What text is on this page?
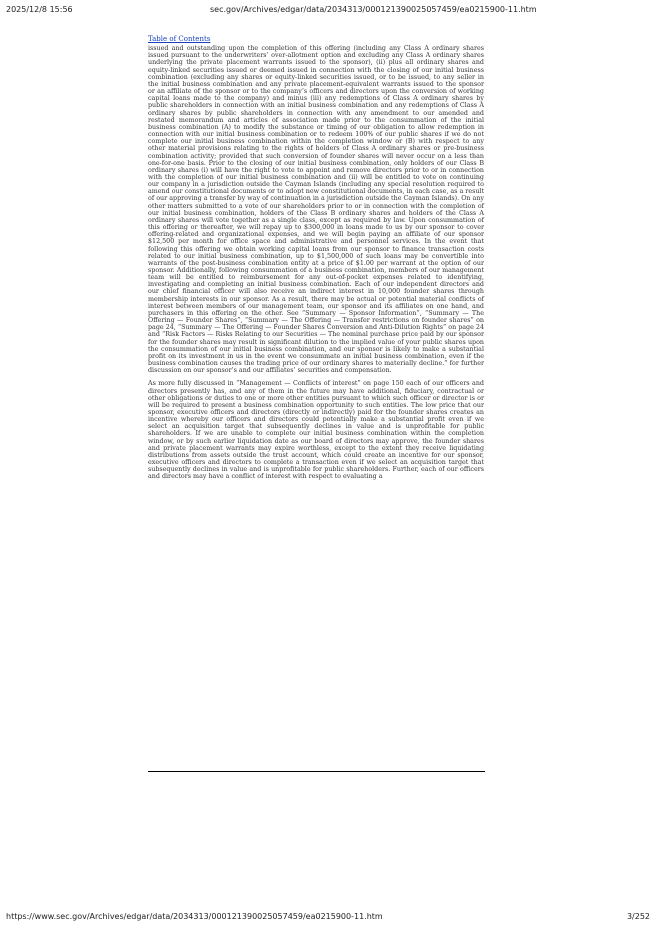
2025/12/8 15:56	sec.gov/Archives/edgar/data/2034313/000121390025057459/ea0215900-11.htm
Table of Contents

issued and outstanding upon the completion of this offering (including any Class A ordinary shares issued pursuant to the underwriters’ over-allotment option and excluding any Class A ordinary shares underlying the private placement warrants issued to the sponsor), (ii) plus all ordinary shares and equity-linked securities issued or deemed issued in connection with the closing of our initial business combination (excluding any shares or equity-linked securities issued, or to be issued, to any seller in the initial business combination and any private placement-equivalent warrants issued to the sponsor or an affiliate of the sponsor or to the company’s officers and directors upon the conversion of working capital loans made to the company) and minus (iii) any redemptions of Class A ordinary shares by public shareholders in connection with an initial business combination and any redemptions of Class A ordinary shares by public shareholders in connection with any amendment to our amended and restated memorandum and articles of association made prior to the consummation of the initial business combination (A) to modify the substance or timing of our obligation to allow redemption in connection with our initial business combination or to redeem 100% of our public shares if we do not complete our initial business combination within the completion window or (B) with respect to any other material provisions relating to the rights of holders of Class A ordinary shares or pre-business combination activity; provided that such conversion of founder shares will never occur on a less than one-for-one basis. Prior to the closing of our initial business combination, only holders of our Class B ordinary shares (i) will have the right to vote to appoint and remove directors prior to or in connection with the completion of our initial business combination and (ii) will be entitled to vote on continuing our company in a jurisdiction outside the Cayman Islands (including any special resolution required to amend our constitutional documents or to adopt new constitutional documents, in each case, as a result of our approving a transfer by way of continuation in a jurisdiction outside the Cayman Islands). On any other matters submitted to a vote of our shareholders prior to or in connection with the completion of our initial business combination, holders of the Class B ordinary shares and holders of the Class A ordinary shares will vote together as a single class, except as required by law. Upon consummation of this offering or thereafter, we will repay up to $300,000 in loans made to us by our sponsor to cover offering-related and organizational expenses, and we will begin paying an affiliate of our sponsor $12,500 per month for office space and administrative and personnel services. In the event that following this offering we obtain working capital loans from our sponsor to finance transaction costs related to our initial business combination, up to $1,500,000 of such loans may be convertible into warrants of the post-business combination entity at a price of $1.00 per warrant at the option of our sponsor. Additionally, following consummation of a business combination, members of our management team will be entitled to reimbursement for any out-of-pocket expenses related to identifying, investigating and completing an initial business combination. Each of our independent directors and our chief financial officer will also receive an indirect interest in 10,000 founder shares through membership interests in our sponsor. As a result, there may be actual or potential material conflicts of interest between members of our management team, our sponsor and its affiliates on one hand, and purchasers in this offering on the other. See “Summary — Sponsor Information”, “Summary — The Offering — Founder Shares”, “Summary — The Offering — Transfer restrictions on founder shares” on page 24, “Summary — The Offering — Founder Shares Conversion and Anti-Dilution Rights” on page 24 and “Risk Factors — Risks Relating to our Securities — The nominal purchase price paid by our sponsor for the founder shares may result in significant dilution to the implied value of your public shares upon the consummation of our initial business combination, and our sponsor is likely to make a substantial profit on its investment in us in the event we consummate an initial business combination, even if the business combination causes the trading price of our ordinary shares to materially decline.” for further discussion on our sponsor’s and our affiliates’ securities and compensation.

As more fully discussed in “Management — Conflicts of interest” on page 150 each of our officers and directors presently has, and any of them in the future may have additional, fiduciary, contractual or other obligations or duties to one or more other entities pursuant to which such officer or director is or will be required to present a business combination opportunity to such entities. The low price that our sponsor, executive officers and directors (directly or indirectly) paid for the founder shares creates an incentive whereby our officers and directors could potentially make a substantial profit even if we select an acquisition target that subsequently declines in value and is unprofitable for public shareholders. If we are unable to complete our initial business combination within the completion window, or by such earlier liquidation date as our board of directors may approve, the founder shares and private placement warrants may expire worthless, except to the extent they receive liquidating distributions from assets outside the trust account, which could create an incentive for our sponsor, executive officers and directors to complete a transaction even if we select an acquisition target that subsequently declines in value and is unprofitable for public shareholders. Further, each of our officers and directors may have a conflict of interest with respect to evaluating a

https://www.sec.gov/Archives/edgar/data/2034313/000121390025057459/ea0215900-11.htm	3/252
